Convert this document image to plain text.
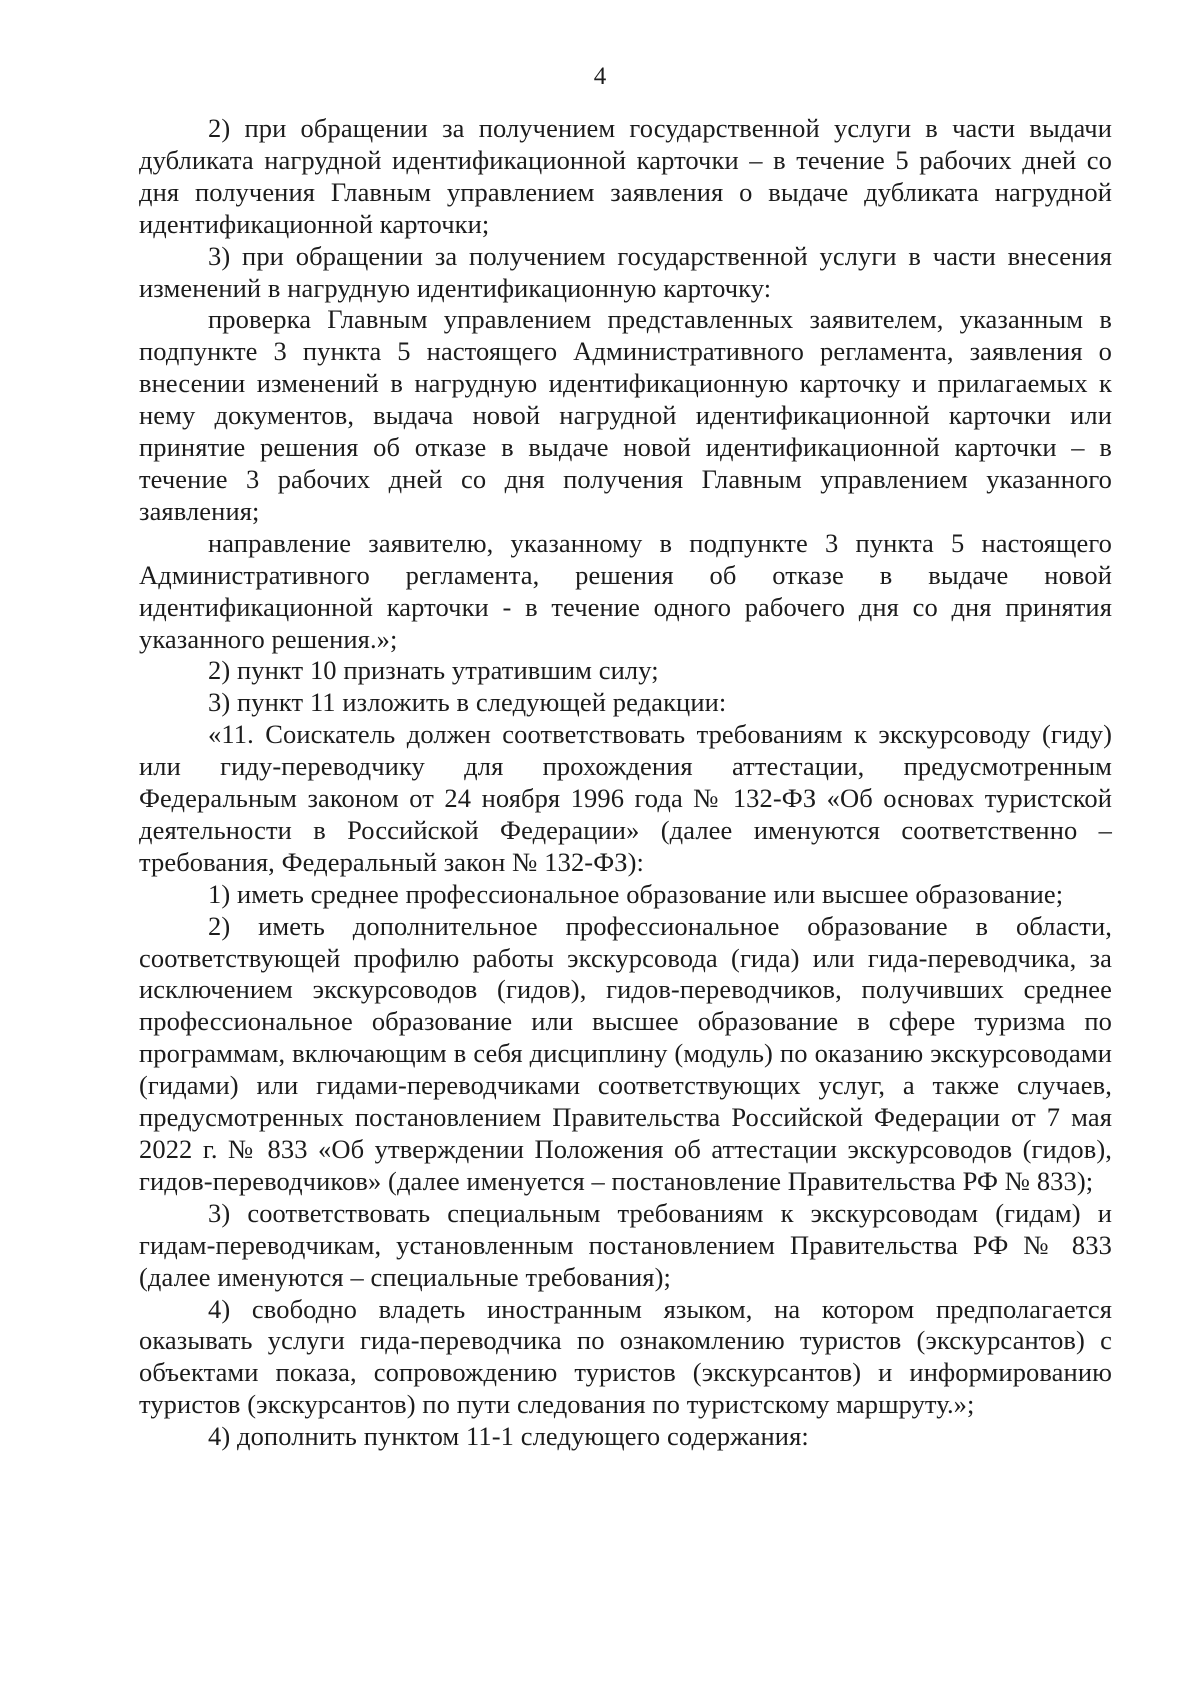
4

2) при обращении за получением государственной услуги в части выдачи дубликата нагрудной идентификационной карточки – в течение 5 рабочих дней со дня получения Главным управлением заявления о выдаче дубликата нагрудной идентификационной карточки;

3) при обращении за получением государственной услуги в части внесения изменений в нагрудную идентификационную карточку:

проверка Главным управлением представленных заявителем, указанным в подпункте 3 пункта 5 настоящего Административного регламента, заявления о внесении изменений в нагрудную идентификационную карточку и прилагаемых к нему документов, выдача новой нагрудной идентификационной карточки или принятие решения об отказе в выдаче новой идентификационной карточки – в течение 3 рабочих дней со дня получения Главным управлением указанного заявления;

направление заявителю, указанному в подпункте 3 пункта 5 настоящего Административного регламента, решения об отказе в выдаче новой идентификационной карточки - в течение одного рабочего дня со дня принятия указанного решения.»;

2) пункт 10 признать утратившим силу;

3) пункт 11 изложить в следующей редакции:

«11. Соискатель должен соответствовать требованиям к экскурсоводу (гиду) или гиду-переводчику для прохождения аттестации, предусмотренным Федеральным законом от 24 ноября 1996 года № 132-ФЗ «Об основах туристской деятельности в Российской Федерации» (далее именуются соответственно – требования, Федеральный закон № 132-ФЗ):

1) иметь среднее профессиональное образование или высшее образование;

2) иметь дополнительное профессиональное образование в области, соответствующей профилю работы экскурсовода (гида) или гида-переводчика, за исключением экскурсоводов (гидов), гидов-переводчиков, получивших среднее профессиональное образование или высшее образование в сфере туризма по программам, включающим в себя дисциплину (модуль) по оказанию экскурсоводами (гидами) или гидами-переводчиками соответствующих услуг, а также случаев, предусмотренных постановлением Правительства Российской Федерации от 7 мая 2022 г. № 833 «Об утверждении Положения об аттестации экскурсоводов (гидов), гидов-переводчиков» (далее именуется – постановление Правительства РФ № 833);

3) соответствовать специальным требованиям к экскурсоводам (гидам) и гидам-переводчикам, установленным постановлением Правительства РФ № 833 (далее именуются – специальные требования);

4) свободно владеть иностранным языком, на котором предполагается оказывать услуги гида-переводчика по ознакомлению туристов (экскурсантов) с объектами показа, сопровождению туристов (экскурсантов) и информированию туристов (экскурсантов) по пути следования по туристскому маршруту.»;

4) дополнить пунктом 11-1 следующего содержания:
